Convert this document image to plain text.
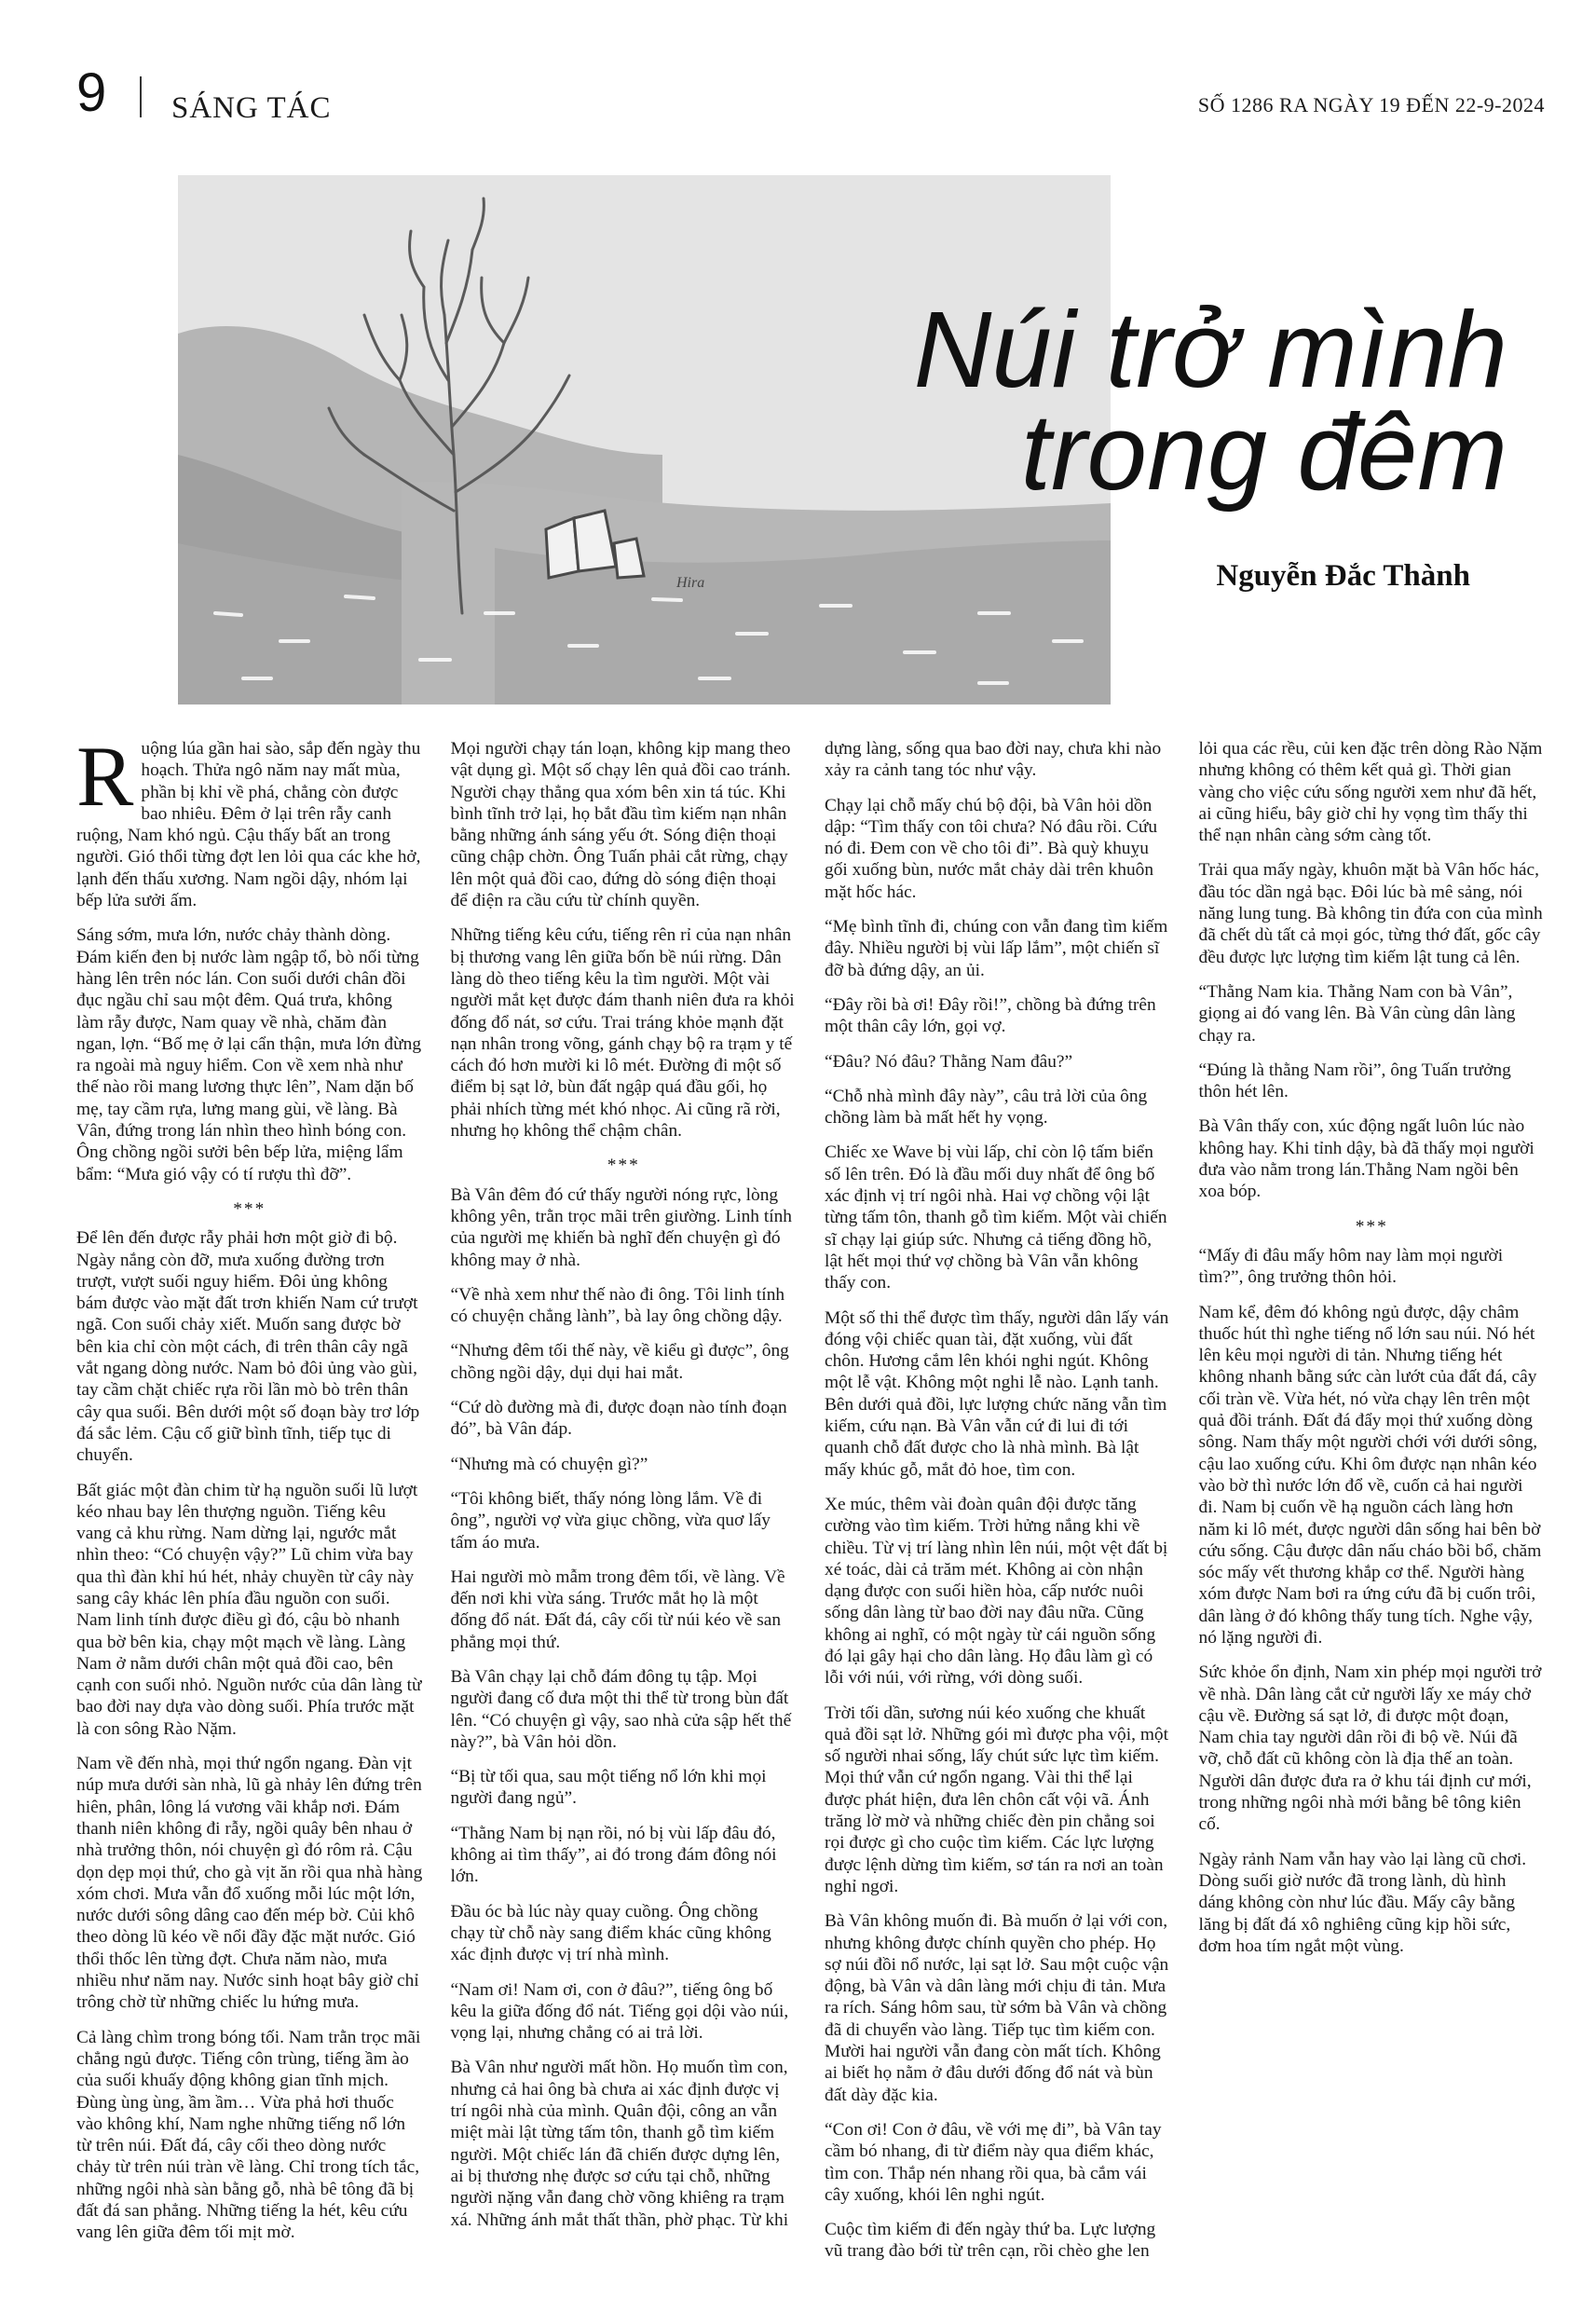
9 SÁNG TÁC	SỐ 1286 RA NGÀY 19 ĐẾN 22-9-2024
Hira
Núi trở mình
trong đêm
Nguyễn Đắc Thành

Ruộng lúa gần hai sào, sắp đến ngày thu hoạch. Thửa ngô năm nay mất mùa, phần bị khỉ về phá, chẳng còn được bao nhiêu. Đêm ở lại trên rẫy canh ruộng, Nam khó ngủ. Cậu thấy bất an trong người. Gió thổi từng đợt len lỏi qua các khe hở, lạnh đến thấu xương. Nam ngồi dậy, nhóm lại bếp lửa sưởi ấm.

Sáng sớm, mưa lớn, nước chảy thành dòng. Đám kiến đen bị nước làm ngập tổ, bò nối từng hàng lên trên nóc lán. Con suối dưới chân đồi đục ngầu chỉ sau một đêm. Quá trưa, không làm rẫy được, Nam quay về nhà, chăm đàn ngan, lợn. “Bố mẹ ở lại cẩn thận, mưa lớn đừng ra ngoài mà nguy hiểm. Con về xem nhà như thế nào rồi mang lương thực lên”, Nam dặn bố mẹ, tay cầm rựa, lưng mang gùi, về làng. Bà Vân, đứng trong lán nhìn theo hình bóng con. Ông chồng ngồi sưởi bên bếp lửa, miệng lẩm bẩm: “Mưa gió vậy có tí rượu thì đỡ”.

***

Để lên đến được rẫy phải hơn một giờ đi bộ. Ngày nắng còn đỡ, mưa xuống đường trơn trượt, vượt suối nguy hiểm. Đôi ủng không bám được vào mặt đất trơn khiến Nam cứ trượt ngã. Con suối chảy xiết. Muốn sang được bờ bên kia chỉ còn một cách, đi trên thân cây ngã vắt ngang dòng nước. Nam bỏ đôi ủng vào gùi, tay cầm chặt chiếc rựa rồi lần mò bò trên thân cây qua suối. Bên dưới một số đoạn bày trơ lớp đá sắc lẻm. Cậu cố giữ bình tĩnh, tiếp tục di chuyển.

Bất giác một đàn chim từ hạ nguồn suối lũ lượt kéo nhau bay lên thượng nguồn. Tiếng kêu vang cả khu rừng. Nam dừng lại, ngước mắt nhìn theo: “Có chuyện vậy?” Lũ chim vừa bay qua thì đàn khỉ hú hét, nhảy chuyền từ cây này sang cây khác lên phía đầu nguồn con suối. Nam linh tính được điều gì đó, cậu bò nhanh qua bờ bên kia, chạy một mạch về làng. Làng Nam ở nằm dưới chân một quả đồi cao, bên cạnh con suối nhỏ. Nguồn nước của dân làng từ bao đời nay dựa vào dòng suối. Phía trước mặt là con sông Rào Nặm.

Nam về đến nhà, mọi thứ ngổn ngang. Đàn vịt núp mưa dưới sàn nhà, lũ gà nhảy lên đứng trên hiên, phân, lông lá vương vãi khắp nơi. Đám thanh niên không đi rẫy, ngồi quây bên nhau ở nhà trưởng thôn, nói chuyện gì đó rôm rả. Cậu dọn dẹp mọi thứ, cho gà vịt ăn rồi qua nhà hàng xóm chơi. Mưa vẫn đổ xuống mỗi lúc một lớn, nước dưới sông dâng cao đến mép bờ. Củi khô theo dòng lũ kéo về nổi đầy đặc mặt nước. Gió thổi thốc lên từng đợt. Chưa năm nào, mưa nhiều như năm nay. Nước sinh hoạt bây giờ chỉ trông chờ từ những chiếc lu hứng mưa.

Cả làng chìm trong bóng tối. Nam trằn trọc mãi chẳng ngủ được. Tiếng côn trùng, tiếng ầm ào của suối khuấy động không gian tĩnh mịch. Đùng ùng ùng, ầm ầm… Vừa phả hơi thuốc vào không khí, Nam nghe những tiếng nổ lớn từ trên núi. Đất đá, cây cối theo dòng nước chảy từ trên núi tràn về làng. Chỉ trong tích tắc, những ngôi nhà sàn bằng gỗ, nhà bê tông đã bị đất đá san phẳng. Những tiếng la hét, kêu cứu vang lên giữa đêm tối mịt mờ.

Mọi người chạy tán loạn, không kịp mang theo vật dụng gì. Một số chạy lên quả đồi cao tránh. Người chạy thẳng qua xóm bên xin tá túc. Khi bình tĩnh trở lại, họ bắt đầu tìm kiếm nạn nhân bằng những ánh sáng yếu ớt. Sóng điện thoại cũng chập chờn. Ông Tuấn phải cắt rừng, chạy lên một quả đồi cao, đứng dò sóng điện thoại để điện ra cầu cứu từ chính quyền.

Những tiếng kêu cứu, tiếng rên rỉ của nạn nhân bị thương vang lên giữa bốn bề núi rừng. Dân làng dò theo tiếng kêu la tìm người. Một vài người mắt kẹt được đám thanh niên đưa ra khỏi đống đổ nát, sơ cứu. Trai tráng khỏe mạnh đặt nạn nhân trong võng, gánh chạy bộ ra trạm y tế cách đó hơn mười ki lô mét. Đường đi một số điểm bị sạt lở, bùn đất ngập quá đầu gối, họ phải nhích từng mét khó nhọc. Ai cũng rã rời, nhưng họ không thể chậm chân.

***

Bà Vân đêm đó cứ thấy người nóng rực, lòng không yên, trằn trọc mãi trên giường. Linh tính của người mẹ khiến bà nghĩ đến chuyện gì đó không may ở nhà.

“Về nhà xem như thế nào đi ông. Tôi linh tính có chuyện chẳng lành”, bà lay ông chồng dậy.

“Nhưng đêm tối thế này, về kiểu gì được”, ông chồng ngồi dậy, dụi dụi hai mắt.

“Cứ dò đường mà đi, được đoạn nào tính đoạn đó”, bà Vân đáp.

“Nhưng mà có chuyện gì?”

“Tôi không biết, thấy nóng lòng lắm. Về đi ông”, người vợ vừa giục chồng, vừa quơ lấy tấm áo mưa.

Hai người mò mẫm trong đêm tối, về làng. Về đến nơi khi vừa sáng. Trước mắt họ là một đống đổ nát. Đất đá, cây cối từ núi kéo về san phẳng mọi thứ.

Bà Vân chạy lại chỗ đám đông tụ tập. Mọi người đang cố đưa một thi thể từ trong bùn đất lên. “Có chuyện gì vậy, sao nhà cửa sập hết thế này?”, bà Vân hỏi dồn.

“Bị từ tối qua, sau một tiếng nổ lớn khi mọi người đang ngủ”.

“Thằng Nam bị nạn rồi, nó bị vùi lấp đâu đó, không ai tìm thấy”, ai đó trong đám đông nói lớn.

Đầu óc bà lúc này quay cuồng. Ông chồng chạy từ chỗ này sang điểm khác cũng không xác định được vị trí nhà mình.

“Nam ơi! Nam ơi, con ở đâu?”, tiếng ông bố kêu la giữa đống đổ nát. Tiếng gọi dội vào núi, vọng lại, nhưng chẳng có ai trả lời.

Bà Vân như người mất hồn. Họ muốn tìm con, nhưng cả hai ông bà chưa ai xác định được vị trí ngôi nhà của mình. Quân đội, công an vẫn miệt mài lật từng tấm tôn, thanh gỗ tìm kiếm người. Một chiếc lán đã chiến được dựng lên, ai bị thương nhẹ được sơ cứu tại chỗ, những người nặng vẫn đang chờ võng khiêng ra trạm xá. Những ánh mắt thất thần, phờ phạc. Từ khi dựng làng, sống qua bao đời nay, chưa khi nào xảy ra cảnh tang tóc như vậy.

Chạy lại chỗ mấy chú bộ đội, bà Vân hỏi dồn dập: “Tìm thấy con tôi chưa? Nó đâu rồi. Cứu nó đi. Đem con về cho tôi đi”. Bà quỳ khuỵu gối xuống bùn, nước mắt chảy dài trên khuôn mặt hốc hác.

“Mẹ bình tĩnh đi, chúng con vẫn đang tìm kiếm đây. Nhiều người bị vùi lấp lắm”, một chiến sĩ đỡ bà đứng dậy, an ủi.

“Đây rồi bà ơi! Đây rồi!”, chồng bà đứng trên một thân cây lớn, gọi vợ.

“Đâu? Nó đâu? Thằng Nam đâu?”

“Chỗ nhà mình đây này”, câu trả lời của ông chồng làm bà mất hết hy vọng.

Chiếc xe Wave bị vùi lấp, chỉ còn lộ tấm biển số lên trên. Đó là đầu mối duy nhất để ông bố xác định vị trí ngôi nhà. Hai vợ chồng vội lật từng tấm tôn, thanh gỗ tìm kiếm. Một vài chiến sĩ chạy lại giúp sức. Nhưng cả tiếng đồng hồ, lật hết mọi thứ vợ chồng bà Vân vẫn không thấy con.

Một số thi thể được tìm thấy, người dân lấy ván đóng vội chiếc quan tài, đặt xuống, vùi đất chôn. Hương cắm lên khói nghi ngút. Không một lễ vật. Không một nghi lễ nào. Lạnh tanh. Bên dưới quả đồi, lực lượng chức năng vẫn tìm kiếm, cứu nạn. Bà Vân vẫn cứ đi lui đi tới quanh chỗ đất được cho là nhà mình. Bà lật mấy khúc gỗ, mắt đỏ hoe, tìm con.

Xe múc, thêm vài đoàn quân đội được tăng cường vào tìm kiếm. Trời hửng nắng khi về chiều. Từ vị trí làng nhìn lên núi, một vệt đất bị xé toác, dài cả trăm mét. Không ai còn nhận dạng được con suối hiền hòa, cấp nước nuôi sống dân làng từ bao đời nay đâu nữa. Cũng không ai nghĩ, có một ngày từ cái nguồn sống đó lại gây hại cho dân làng. Họ đâu làm gì có lỗi với núi, với rừng, với dòng suối.

Trời tối dần, sương núi kéo xuống che khuất quả đồi sạt lở. Những gói mì được pha vội, một số người nhai sống, lấy chút sức lực tìm kiếm. Mọi thứ vẫn cứ ngổn ngang. Vài thi thể lại được phát hiện, đưa lên chôn cất vội vã. Ánh trăng lờ mờ và những chiếc đèn pin chẳng soi rọi được gì cho cuộc tìm kiếm. Các lực lượng được lệnh dừng tìm kiếm, sơ tán ra nơi an toàn nghỉ ngơi.

Bà Vân không muốn đi. Bà muốn ở lại với con, nhưng không được chính quyền cho phép. Họ sợ núi đồi nổ nước, lại sạt lở. Sau một cuộc vận động, bà Vân và dân làng mới chịu đi tản. Mưa ra rích. Sáng hôm sau, từ sớm bà Vân và chồng đã di chuyển vào làng. Tiếp tục tìm kiếm con. Mười hai người vẫn đang còn mất tích. Không ai biết họ nằm ở đâu dưới đống đổ nát và bùn đất dày đặc kia.

“Con ơi! Con ở đâu, về với mẹ đi”, bà Vân tay cầm bó nhang, đi từ điểm này qua điểm khác, tìm con. Thắp nén nhang rồi qua, bà cắm vái cây xuống, khói lên nghi ngút.

Cuộc tìm kiếm đi đến ngày thứ ba. Lực lượng vũ trang đào bới từ trên cạn, rồi chèo ghe len lỏi qua các rều, củi ken đặc trên dòng Rào Nặm nhưng không có thêm kết quả gì. Thời gian vàng cho việc cứu sống người xem như đã hết, ai cũng hiểu, bây giờ chỉ hy vọng tìm thấy thi thể nạn nhân càng sớm càng tốt.

Trải qua mấy ngày, khuôn mặt bà Vân hốc hác, đầu tóc dần ngả bạc. Đôi lúc bà mê sảng, nói năng lung tung. Bà không tin đứa con của mình đã chết dù tất cả mọi góc, từng thớ đất, gốc cây đều được lực lượng tìm kiếm lật tung cả lên.

“Thằng Nam kia. Thằng Nam con bà Vân”, giọng ai đó vang lên. Bà Vân cùng dân làng chạy ra.

“Đúng là thằng Nam rồi”, ông Tuấn trưởng thôn hét lên.

Bà Vân thấy con, xúc động ngất luôn lúc nào không hay. Khi tỉnh dậy, bà đã thấy mọi người đưa vào nằm trong lán.Thằng Nam ngồi bên xoa bóp.

***

“Mấy đi đâu mấy hôm nay làm mọi người tìm?”, ông trưởng thôn hỏi.

Nam kể, đêm đó không ngủ được, dậy châm thuốc hút thì nghe tiếng nổ lớn sau núi. Nó hét lên kêu mọi người di tản. Nhưng tiếng hét không nhanh bằng sức càn lướt của đất đá, cây cối tràn về. Vừa hét, nó vừa chạy lên trên một quả đồi tránh. Đất đá đẩy mọi thứ xuống dòng sông. Nam thấy một người chới với dưới sông, cậu lao xuống cứu. Khi ôm được nạn nhân kéo vào bờ thì nước lớn đổ về, cuốn cả hai người đi. Nam bị cuốn về hạ nguồn cách làng hơn năm ki lô mét, được người dân sống hai bên bờ cứu sống. Cậu được dân nấu cháo bồi bổ, chăm sóc mấy vết thương khắp cơ thể. Người hàng xóm được Nam bơi ra ứng cứu đã bị cuốn trôi, dân làng ở đó không thấy tung tích. Nghe vậy, nó lặng người đi.

Sức khỏe ổn định, Nam xin phép mọi người trở về nhà. Dân làng cắt cử người lấy xe máy chở cậu về. Đường sá sạt lở, đi được một đoạn, Nam chia tay người dân rồi đi bộ về. Núi đã vỡ, chỗ đất cũ không còn là địa thế an toàn. Người dân được đưa ra ở khu tái định cư mới, trong những ngôi nhà mới bằng bê tông kiên cố.

Ngày rảnh Nam vẫn hay vào lại làng cũ chơi. Dòng suối giờ nước đã trong lành, dù hình dáng không còn như lúc đầu. Mấy cây bằng lăng bị đất đá xô nghiêng cũng kịp hồi sức, đơm hoa tím ngắt một vùng.
